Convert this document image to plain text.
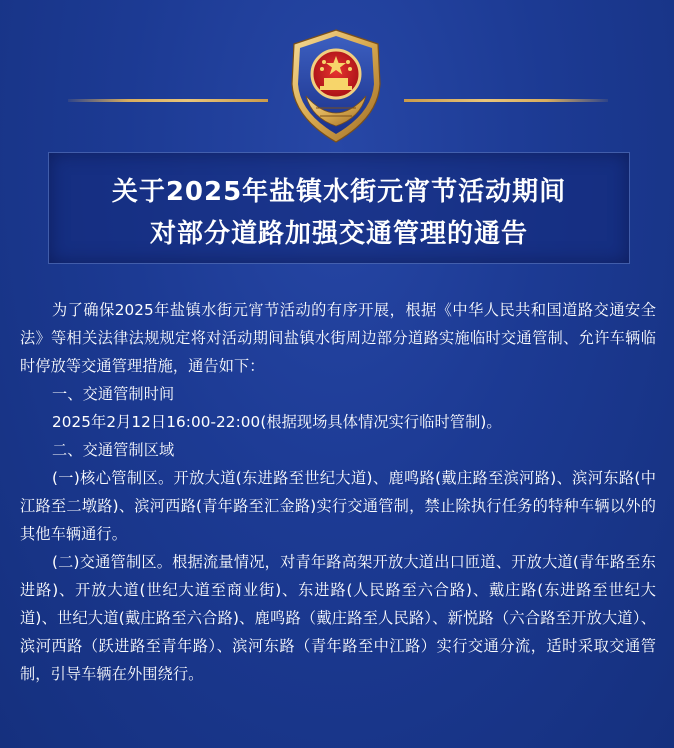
关于2025年盐镇水街元宵节活动期间
对部分道路加强交通管理的通告

为了确保2025年盐镇水街元宵节活动的有序开展，根据《中华人民共和国道路交通安全法》等相关法律法规规定将对活动期间盐镇水街周边部分道路实施临时交通管制、允许车辆临时停放等交通管理措施，通告如下：

一、交通管制时间

2025年2月12日16:00-22:00(根据现场具体情况实行临时管制)。

二、交通管制区域

(一)核心管制区。开放大道(东进路至世纪大道)、鹿鸣路(戴庄路至滨河路)、滨河东路(中江路至二墩路)、滨河西路(青年路至汇金路)实行交通管制，禁止除执行任务的特种车辆以外的其他车辆通行。

(二)交通管制区。根据流量情况，对青年路高架开放大道出口匝道、开放大道(青年路至东进路)、开放大道(世纪大道至商业街)、东进路(人民路至六合路)、戴庄路(东进路至世纪大道)、世纪大道(戴庄路至六合路)、鹿鸣路（戴庄路至人民路）、新悦路（六合路至开放大道）、滨河西路（跃进路至青年路）、滨河东路（青年路至中江路）实行交通分流，适时采取交通管制，引导车辆在外围绕行。
